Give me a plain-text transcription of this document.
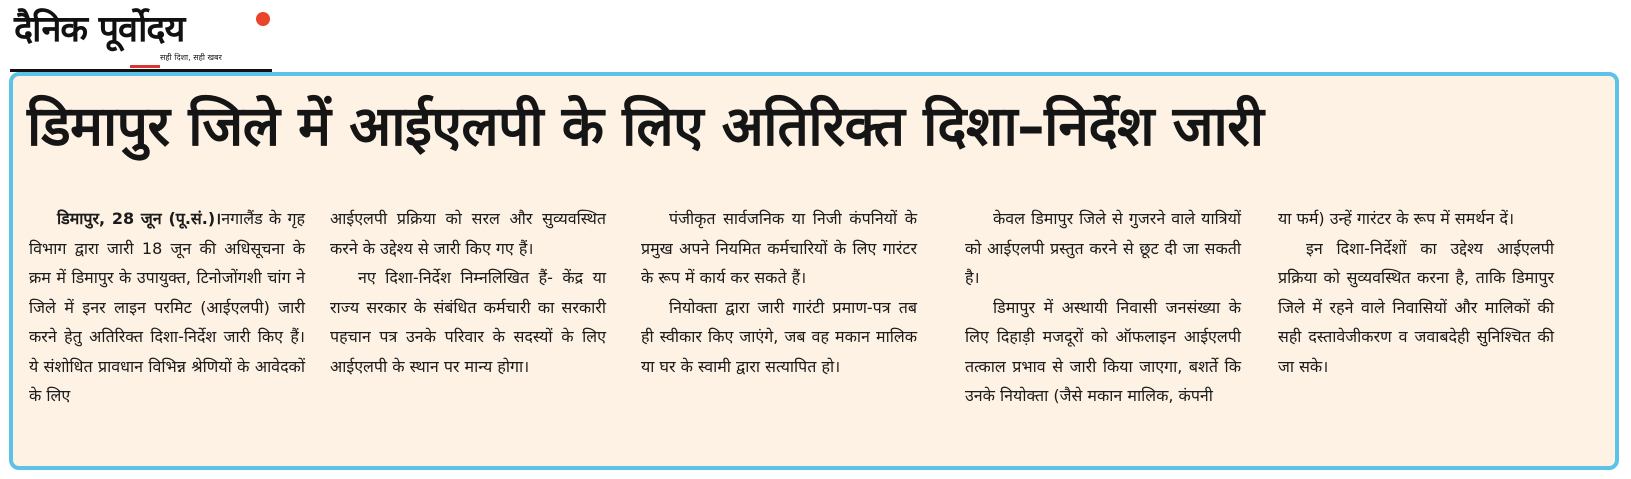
दैनिक पूर्वोदय
सही दिशा, सही खबर
डिमापुर जिले में आईएलपी के लिए अतिरिक्त दिशा–निर्देश जारी

डिमापुर, 28 जून (पू.सं.)।नगालैंड के गृह विभाग द्वारा जारी 18 जून की अधिसूचना के क्रम में डिमापुर के उपायुक्त, टिनोजोंगशी चांग ने जिले में इनर लाइन परमिट (आईएलपी) जारी करने हेतु अतिरिक्त दिशा-निर्देश जारी किए हैं। ये संशोधित प्रावधान विभिन्न श्रेणियों के आवेदकों के लिए

आईएलपी प्रक्रिया को सरल और सुव्यवस्थित करने के उद्देश्य से जारी किए गए हैं।

नए दिशा-निर्देश निम्नलिखित हैं- केंद्र या राज्य सरकार के संबंधित कर्मचारी का सरकारी पहचान पत्र उनके परिवार के सदस्यों के लिए आईएलपी के स्थान पर मान्य होगा।

पंजीकृत सार्वजनिक या निजी कंपनियों के प्रमुख अपने नियमित कर्मचारियों के लिए गारंटर के रूप में कार्य कर सकते हैं।

नियोक्ता द्वारा जारी गारंटी प्रमाण-पत्र तब ही स्वीकार किए जाएंगे, जब वह मकान मालिक या घर के स्वामी द्वारा सत्यापित हो।

केवल डिमापुर जिले से गुजरने वाले यात्रियों को आईएलपी प्रस्तुत करने से छूट दी जा सकती है।

डिमापुर में अस्थायी निवासी जनसंख्या के लिए दिहाड़ी मजदूरों को ऑफलाइन आईएलपी तत्काल प्रभाव से जारी किया जाएगा, बशर्ते कि उनके नियोक्ता (जैसे मकान मालिक, कंपनी

या फर्म) उन्हें गारंटर के रूप में समर्थन दें।

इन दिशा-निर्देशों का उद्देश्य आईएलपी प्रक्रिया को सुव्यवस्थित करना है, ताकि डिमापुर जिले में रहने वाले निवासियों और मालिकों की सही दस्तावेजीकरण व जवाबदेही सुनिश्चित की जा सके।
